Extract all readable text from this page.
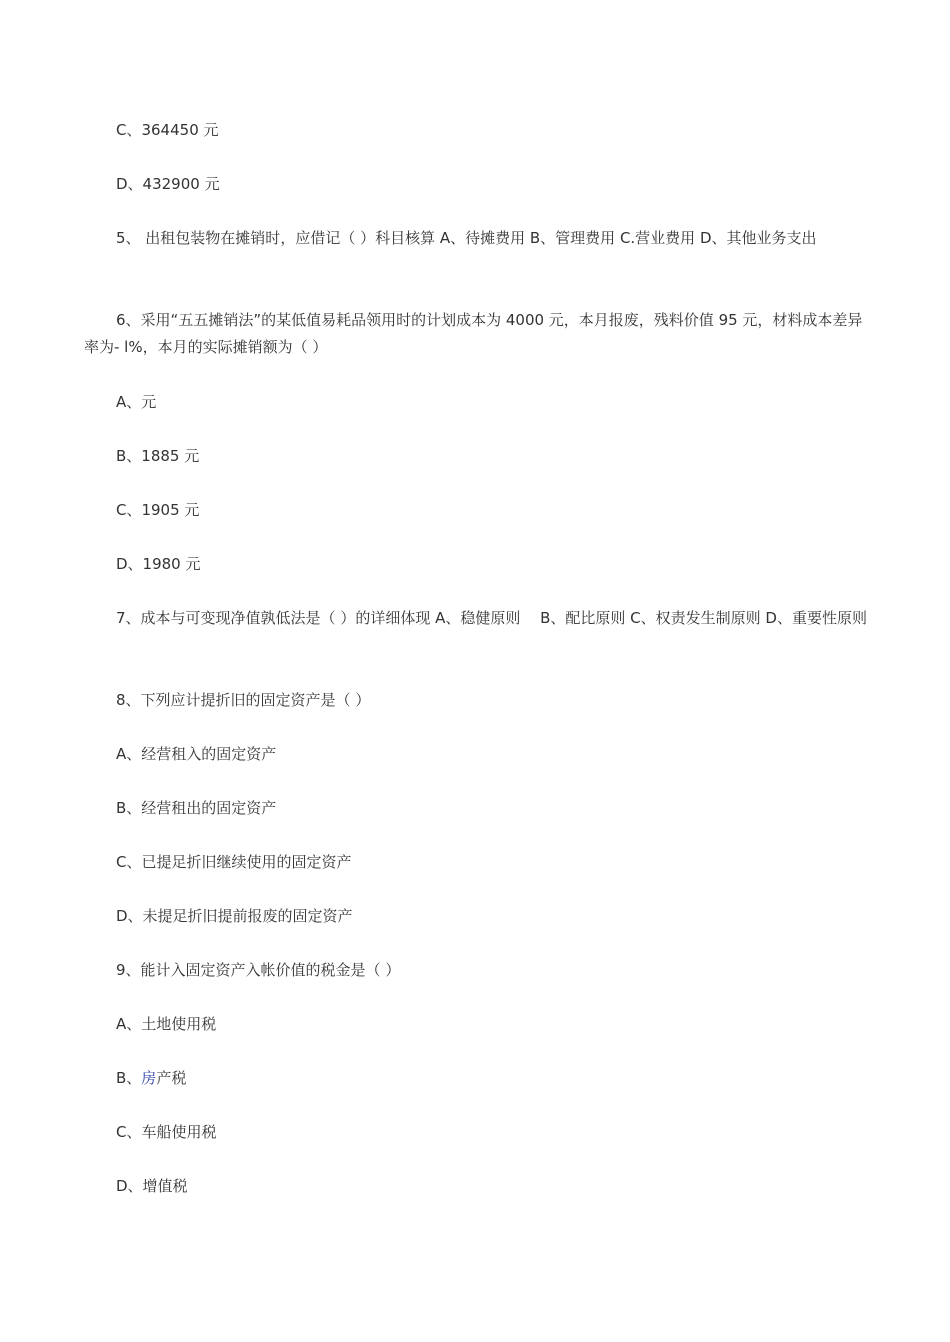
C、364450 元
D、432900 元
5、 出租包装物在摊销时，应借记（ ）科目核算 A、待摊费用 B、管理费用 C.营业费用 D、其他业务支出
6、采用“五五摊销法”的某低值易耗品领用时的计划成本为 4000 元，本月报废，残料价值 95 元，材料成本差异率为- l%，本月的实际摊销额为（ ）
A、元
B、1885 元
C、1905 元
D、1980 元
7、成本与可变现净值孰低法是（ ）的详细体现 A、稳健原则 　B、配比原则 C、权责发生制原则 D、重要性原则
8、下列应计提折旧的固定资产是（ ）
A、经营租入的固定资产
B、经营租出的固定资产
C、已提足折旧继续使用的固定资产
D、未提足折旧提前报废的固定资产
9、能计入固定资产入帐价值的税金是（ ）
A、土地使用税
B、房产税
C、车船使用税
D、增值税
